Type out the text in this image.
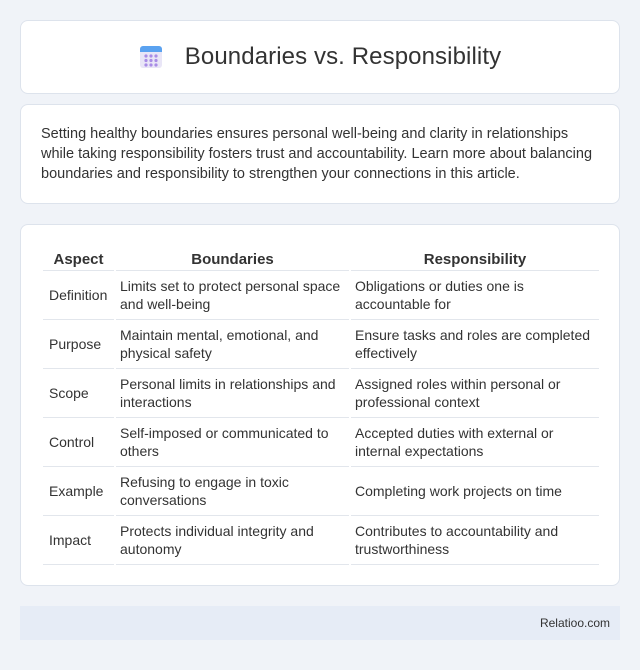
Boundaries vs. Responsibility

Setting healthy boundaries ensures personal well-being and clarity in relationships while taking responsibility fosters trust and accountability. Learn more about balancing boundaries and responsibility to strengthen your connections in this article.

Aspect	Boundaries	Responsibility
Definition	Limits set to protect personal space and well-being	Obligations or duties one is accountable for
Purpose	Maintain mental, emotional, and physical safety	Ensure tasks and roles are completed effectively
Scope	Personal limits in relationships and interactions	Assigned roles within personal or professional context
Control	Self-imposed or communicated to others	Accepted duties with external or internal expectations
Example	Refusing to engage in toxic conversations	Completing work projects on time
Impact	Protects individual integrity and autonomy	Contributes to accountability and trustworthiness
Relatioo.com
